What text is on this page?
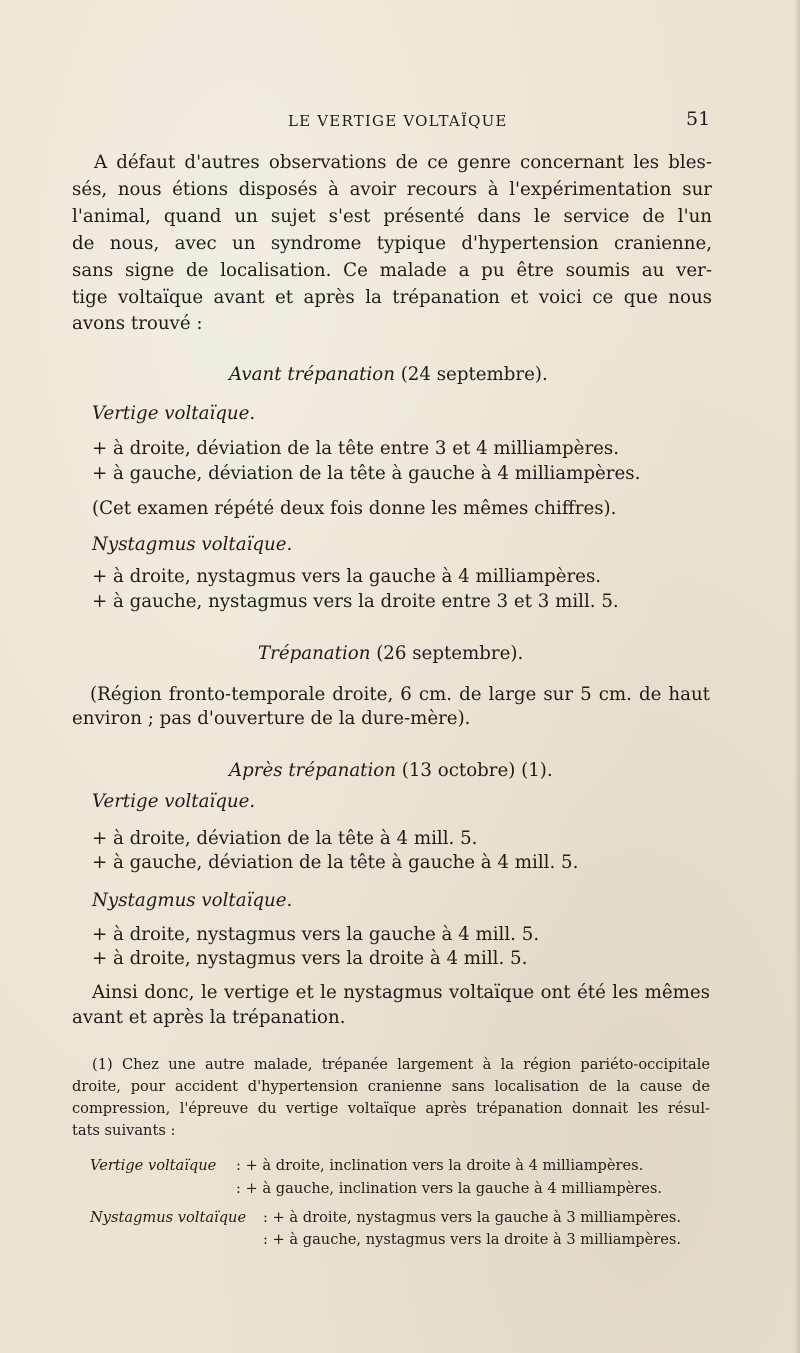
LE VERTIGE VOLTAÏQUE	51
A défaut d'autres observations de ce genre concernant les bles-
sés, nous étions disposés à avoir recours à l'expérimentation sur
l'animal, quand un sujet s'est présenté dans le service de l'un
de nous, avec un syndrome typique d'hypertension cranienne,
sans signe de localisation. Ce malade a pu être soumis au ver-
tige voltaïque avant et après la trépanation et voici ce que nous
avons trouvé :
Avant trépanation (24 septembre).
Vertige voltaïque.
+ à droite, déviation de la tête entre 3 et 4 milliampères.
+ à gauche, déviation de la tête à gauche à 4 milliampères.
(Cet examen répété deux fois donne les mêmes chiffres).
Nystagmus voltaïque.
+ à droite, nystagmus vers la gauche à 4 milliampères.
+ à gauche, nystagmus vers la droite entre 3 et 3 mill. 5.
Trépanation (26 septembre).
(Région fronto-temporale droite, 6 cm. de large sur 5 cm. de haut
environ ; pas d'ouverture de la dure-mère).
Après trépanation (13 octobre) (1).
Vertige voltaïque.
+ à droite, déviation de la tête à 4 mill. 5.
+ à gauche, déviation de la tête à gauche à 4 mill. 5.
Nystagmus voltaïque.
+ à droite, nystagmus vers la gauche à 4 mill. 5.
+ à droite, nystagmus vers la droite à 4 mill. 5.
Ainsi donc, le vertige et le nystagmus voltaïque ont été les mêmes
avant et après la trépanation.
(1) Chez une autre malade, trépanée largement à la région pariéto-occipitale
droite, pour accident d'hypertension cranienne sans localisation de la cause de
compression, l'épreuve du vertige voltaïque après trépanation donnait les résul-
tats suivants :
Vertige voltaïque : + à droite, inclination vers la droite à 4 milliampères.
: + à gauche, inclination vers la gauche à 4 milliampères.
Nystagmus voltaïque : + à droite, nystagmus vers la gauche à 3 milliampères.
: + à gauche, nystagmus vers la droite à 3 milliampères.
